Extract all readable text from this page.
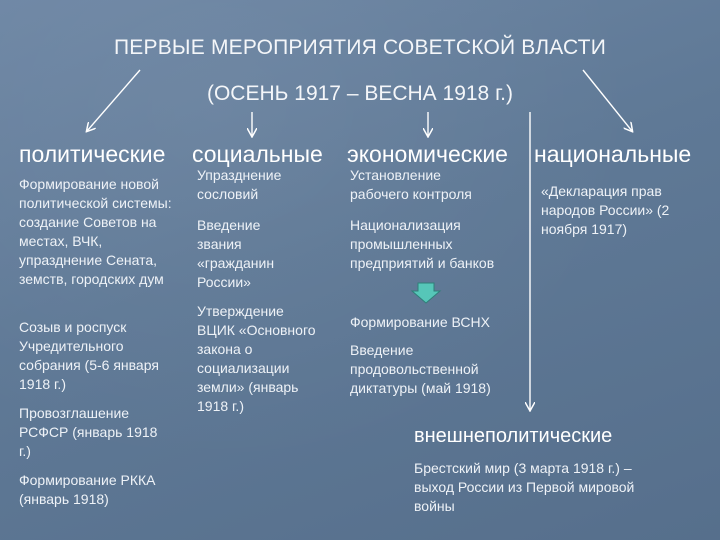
ПЕРВЫЕ МЕРОПРИЯТИЯ СОВЕТСКОЙ ВЛАСТИ
(ОСЕНЬ 1917 – ВЕСНА 1918 г.)
политические социальные экономические национальные
Формирование новой политической системы: создание Советов на местах, ВЧК, упразднение Сената, земств, городских дум
Созыв и роспуск Учредительного собрания (5-6 января 1918 г.)
Провозглашение РСФСР (январь 1918 г.)
Формирование РККА (январь 1918)
Упразднение сословий
Введение звания «гражданин России»
Утверждение ВЦИК «Основного закона о социализации земли» (январь 1918 г.)
Установление рабочего контроля
Национализация промышленных предприятий и банков
Формирование ВСНХ
Введение продовольственной диктатуры (май 1918)
«Декларация прав народов России» (2 ноября 1917)
внешнеполитические
Брестский мир (3 марта 1918 г.) – выход России из Первой мировой войны
